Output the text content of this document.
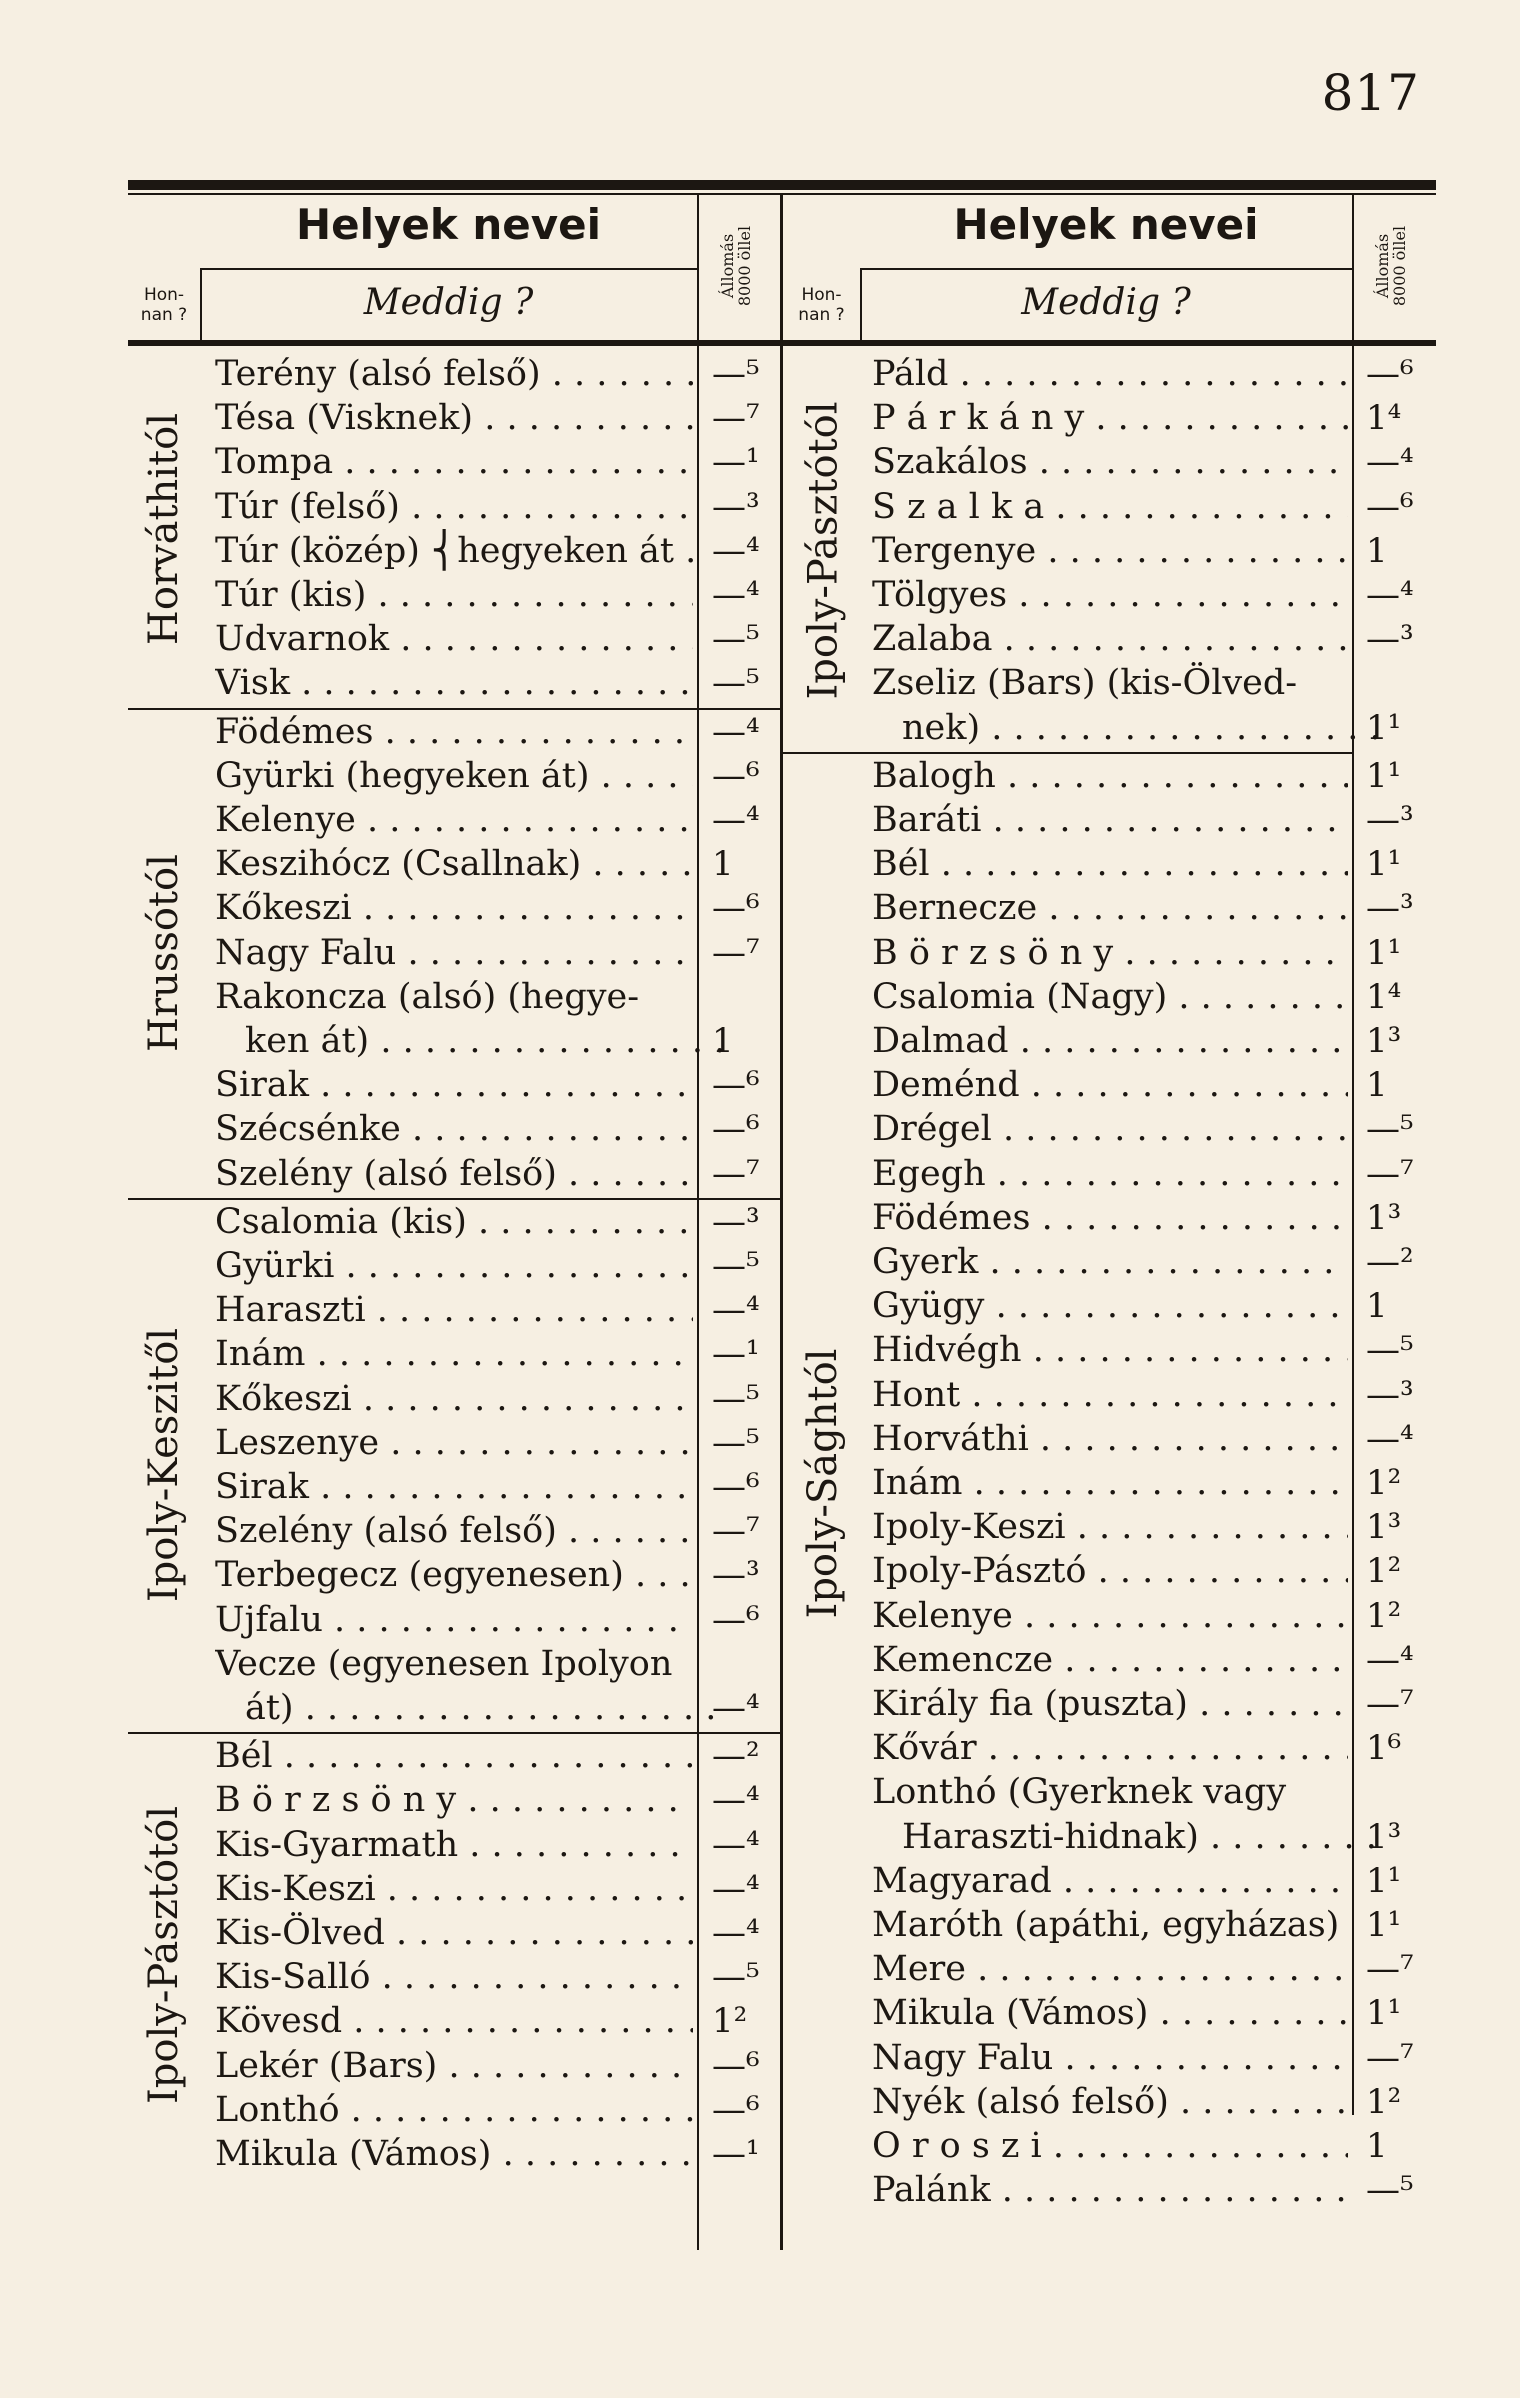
817
Helyek nevei	Helyek nevei
Meddig ?	Meddig ?
Hon-
nan ?
Hon-
nan ?
Állomás
8000 öllel	Állomás
8000 öllel
Terény (alsó felső) . . .	—⁵
Tésa (Visknek) . . .	—⁷
Tompa . . .	—¹
Túr (felső) . . .	—³
Túr (közép) ⎨hegyeken át . . .	—⁴
Túr (kis) . . .	—⁴
Udvarnok . . .	—⁵
Visk . . .	—⁵
Horváthitól
Födémes . . .	—⁴
Gyürki (hegyeken át) . . .	—⁶
Kelenye . . .	—⁴
Keszihócz (Csallnak) . . .	1
Kőkeszi . . .	—⁶
Nagy Falu . . .	—⁷
Rakoncza (alsó) (hegye-
ken át) . . .	1
Sirak . . .	—⁶
Szécsénke . . .	—⁶
Szelény (alsó felső) . . .	—⁷
Hrussótól
Csalomia (kis) . . .	—³
Gyürki . . .	—⁵
Haraszti . . .	—⁴
Inám . . .	—¹
Kőkeszi . . .	—⁵
Leszenye . . .	—⁵
Sirak . . .	—⁶
Szelény (alsó felső) . . .	—⁷
Terbegecz (egyenesen) . . .	—³
Ujfalu . . .	—⁶
Vecze (egyenesen Ipolyon
át) . . .	—⁴
Ipoly-Keszitől
Bél . . .	—²
B ö r z s ö n y . . .	—⁴
Kis-Gyarmath . . .	—⁴
Kis-Keszi . . .	—⁴
Kis-Ölved . . .	—⁴
Kis-Salló . . .	—⁵
Kövesd . . .	1²
Lekér (Bars) . . .	—⁶
Lonthó . . .	—⁶
Mikula (Vámos) . . .	—¹
Ipoly-Pásztótól
Páld . . .	—⁶
P á r k á n y . . .	1⁴
Szakálos . . .	—⁴
S z a l k a . . .	—⁶
Tergenye . . .	1
Tölgyes . . .	—⁴
Zalaba . . .	—³
Zseliz (Bars) (kis-Ölved-
nek) . . .	1¹
Ipoly-Pásztótól
Balogh . . .	1¹
Baráti . . .	—³
Bél . . .	1¹
Bernecze . . .	—³
B ö r z s ö n y . . .	1¹
Csalomia (Nagy) . . .	1⁴
Dalmad . . .	1³
Deménd . . .	1
Drégel . . .	—⁵
Egegh . . .	—⁷
Födémes . . .	1³
Gyerk . . .	—²
Gyügy . . .	1
Hidvégh . . .	—⁵
Hont . . .	—³
Horváthi . . .	—⁴
Inám . . .	1²
Ipoly-Keszi . . .	1³
Ipoly-Pásztó . . .	1²
Kelenye . . .	1²
Kemencze . . .	—⁴
Király fia (puszta) . . .	—⁷
Kővár . . .	1⁶
Lonthó (Gyerknek vagy
Haraszti-hidnak) . . .	1³
Magyarad . . .	1¹
Maróth (apáthi, egyházas) . . . 1¹
Mere . . .	—⁷
Mikula (Vámos) . . .	1¹
Nagy Falu . . .	—⁷
Nyék (alsó felső) . . .	1²
O r o s z i . . .	1
Palánk . . .	—⁵
Ipoly-Sághtól
